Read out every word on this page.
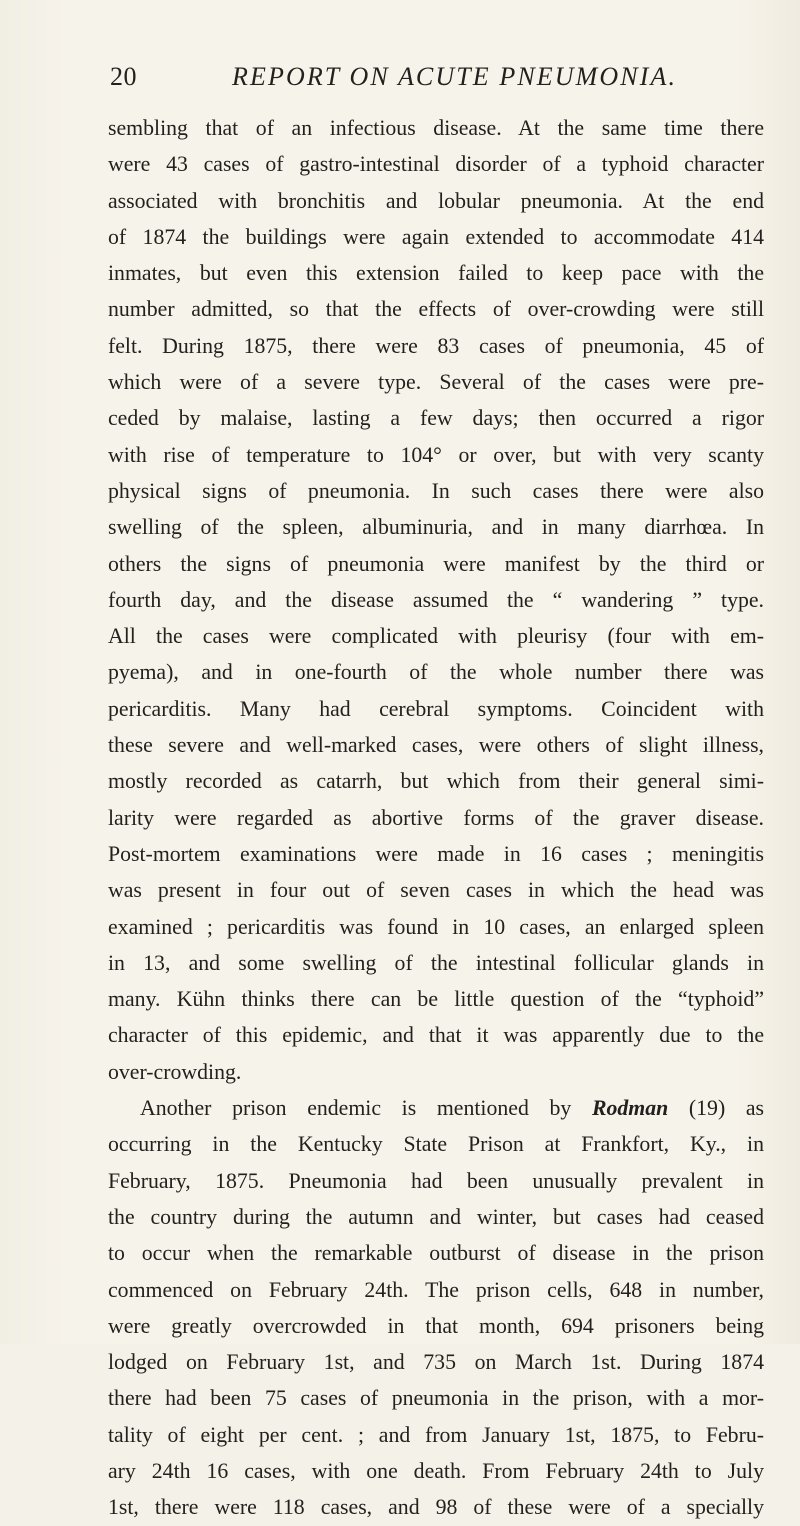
20	REPORT ON ACUTE PNEUMONIA.
sembling that of an infectious disease. At the same time there
were 43 cases of gastro-intestinal disorder of a typhoid character
associated with bronchitis and lobular pneumonia. At the end
of 1874 the buildings were again extended to accommodate 414
inmates, but even this extension failed to keep pace with the
number admitted, so that the effects of over-crowding were still
felt. During 1875, there were 83 cases of pneumonia, 45 of
which were of a severe type. Several of the cases were pre-
ceded by malaise, lasting a few days; then occurred a rigor
with rise of temperature to 104° or over, but with very scanty
physical signs of pneumonia. In such cases there were also
swelling of the spleen, albuminuria, and in many diarrhœa. In
others the signs of pneumonia were manifest by the third or
fourth day, and the disease assumed the “ wandering ” type.
All the cases were complicated with pleurisy (four with em-
pyema), and in one-fourth of the whole number there was
pericarditis. Many had cerebral symptoms. Coincident with
these severe and well-marked cases, were others of slight illness,
mostly recorded as catarrh, but which from their general simi-
larity were regarded as abortive forms of the graver disease.
Post-mortem examinations were made in 16 cases ; meningitis
was present in four out of seven cases in which the head was
examined ; pericarditis was found in 10 cases, an enlarged spleen
in 13, and some swelling of the intestinal follicular glands in
many. Kühn thinks there can be little question of the “typhoid”
character of this epidemic, and that it was apparently due to the
over-crowding.
Another prison endemic is mentioned by Rodman (19) as
occurring in the Kentucky State Prison at Frankfort, Ky., in
February, 1875. Pneumonia had been unusually prevalent in
the country during the autumn and winter, but cases had ceased
to occur when the remarkable outburst of disease in the prison
commenced on February 24th. The prison cells, 648 in number,
were greatly overcrowded in that month, 694 prisoners being
lodged on February 1st, and 735 on March 1st. During 1874
there had been 75 cases of pneumonia in the prison, with a mor-
tality of eight per cent. ; and from January 1st, 1875, to Febru-
ary 24th 16 cases, with one death. From February 24th to July
1st, there were 118 cases, and 98 of these were of a specially
